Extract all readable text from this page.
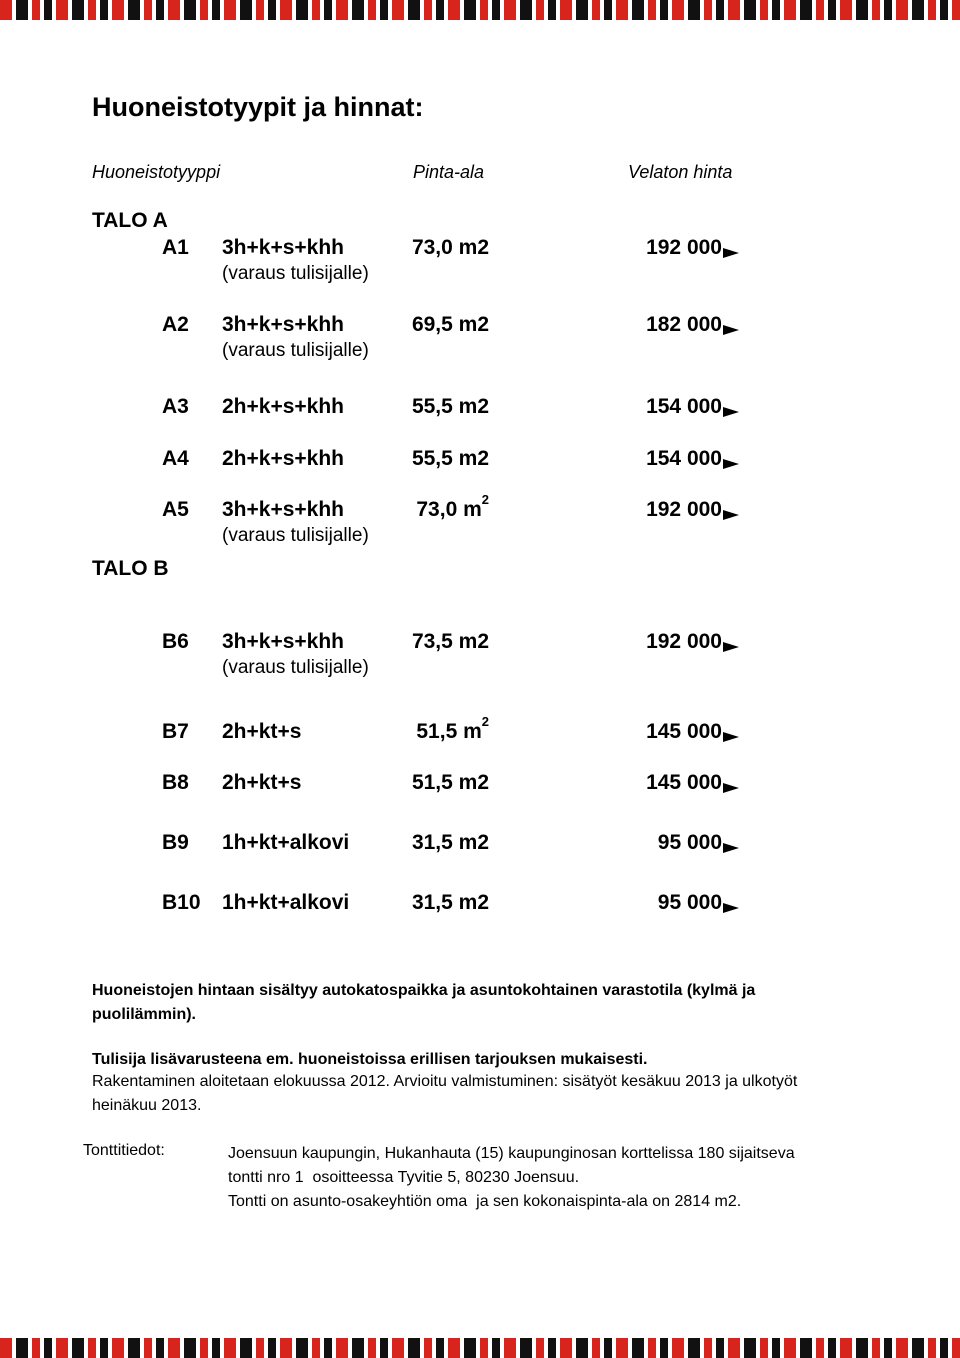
Huoneistotyypit ja hinnat:
Huoneistotyyppi	Pinta-ala	Velaton hinta
TALO A
TALO B
A1	3h+k+s+khh	73,0 m2	192 000
(varaus tulisijalle)
A2	3h+k+s+khh	69,5 m2	182 000
(varaus tulisijalle)
A3	2h+k+s+khh	55,5 m2	154 000
A4	2h+k+s+khh	55,5 m2	154 000
A5	3h+k+s+khh	73,0 $m^2$	192 000
(varaus tulisijalle)
B6	3h+k+s+khh	73,5 m2	192 000
(varaus tulisijalle)
B7	2h+kt+s	51,5 $m^2$	145 000
B8	2h+kt+s	51,5 m2	145 000
B9	1h+kt+alkovi	31,5 m2	95 000
B10 1h+kt+alkovi	31,5 m2	95 000

Huoneistojen hintaan sisältyy autokatospaikka ja asuntokohtainen varastotila (kylmä ja puolilämmin).

Tulisija lisävarusteena em. huoneistoissa erillisen tarjouksen mukaisesti.

Rakentaminen aloitetaan elokuussa 2012. Arvioitu valmistuminen: sisätyöt kesäkuu 2013 ja ulkotyöt heinäkuu 2013.

Tonttitiedot:	Joensuun kaupungin, Hukanhauta (15) kaupunginosan korttelissa 180 sijaitseva
tontti nro 1  osoitteessa Tyvitie 5, 80230 Joensuu.
Tontti on asunto-osakeyhtiön oma  ja sen kokonaispinta-ala on 2814 m2.
